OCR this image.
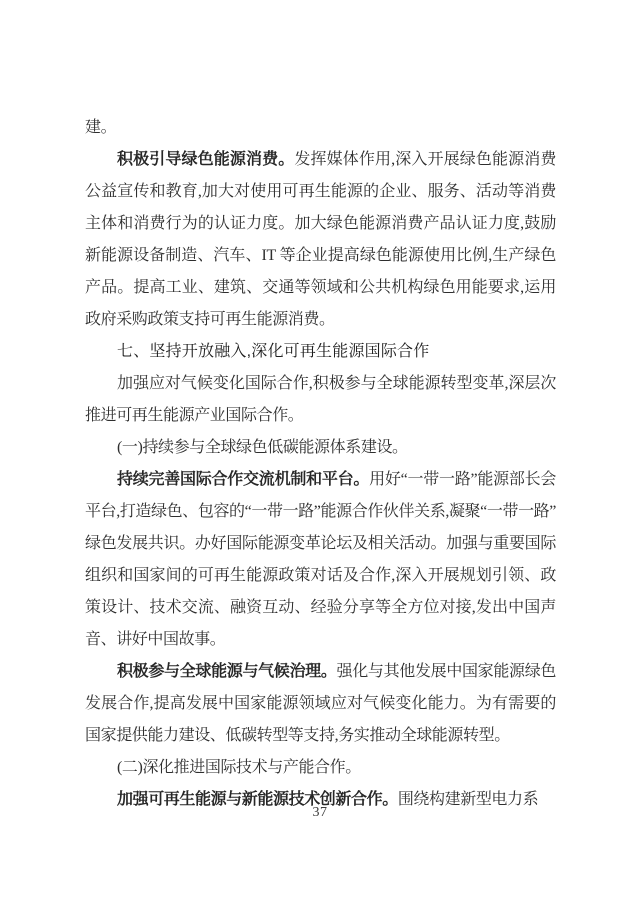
建。

积极引导绿色能源消费。发挥媒体作用,深入开展绿色能源消费公益宣传和教育,加大对使用可再生能源的企业、服务、活动等消费主体和消费行为的认证力度。加大绿色能源消费产品认证力度,鼓励新能源设备制造、汽车、IT 等企业提高绿色能源使用比例,生产绿色产品。提高工业、建筑、交通等领域和公共机构绿色用能要求,运用政府采购政策支持可再生能源消费。

七、坚持开放融入,深化可再生能源国际合作

加强应对气候变化国际合作,积极参与全球能源转型变革,深层次推进可再生能源产业国际合作。

(一)持续参与全球绿色低碳能源体系建设。

持续完善国际合作交流机制和平台。用好“一带一路”能源部长会平台,打造绿色、包容的“一带一路”能源合作伙伴关系,凝聚“一带一路”绿色发展共识。办好国际能源变革论坛及相关活动。加强与重要国际组织和国家间的可再生能源政策对话及合作,深入开展规划引领、政策设计、技术交流、融资互动、经验分享等全方位对接,发出中国声音、讲好中国故事。

积极参与全球能源与气候治理。强化与其他发展中国家能源绿色发展合作,提高发展中国家能源领域应对气候变化能力。为有需要的国家提供能力建设、低碳转型等支持,务实推动全球能源转型。

(二)深化推进国际技术与产能合作。

加强可再生能源与新能源技术创新合作。围绕构建新型电力系

37
